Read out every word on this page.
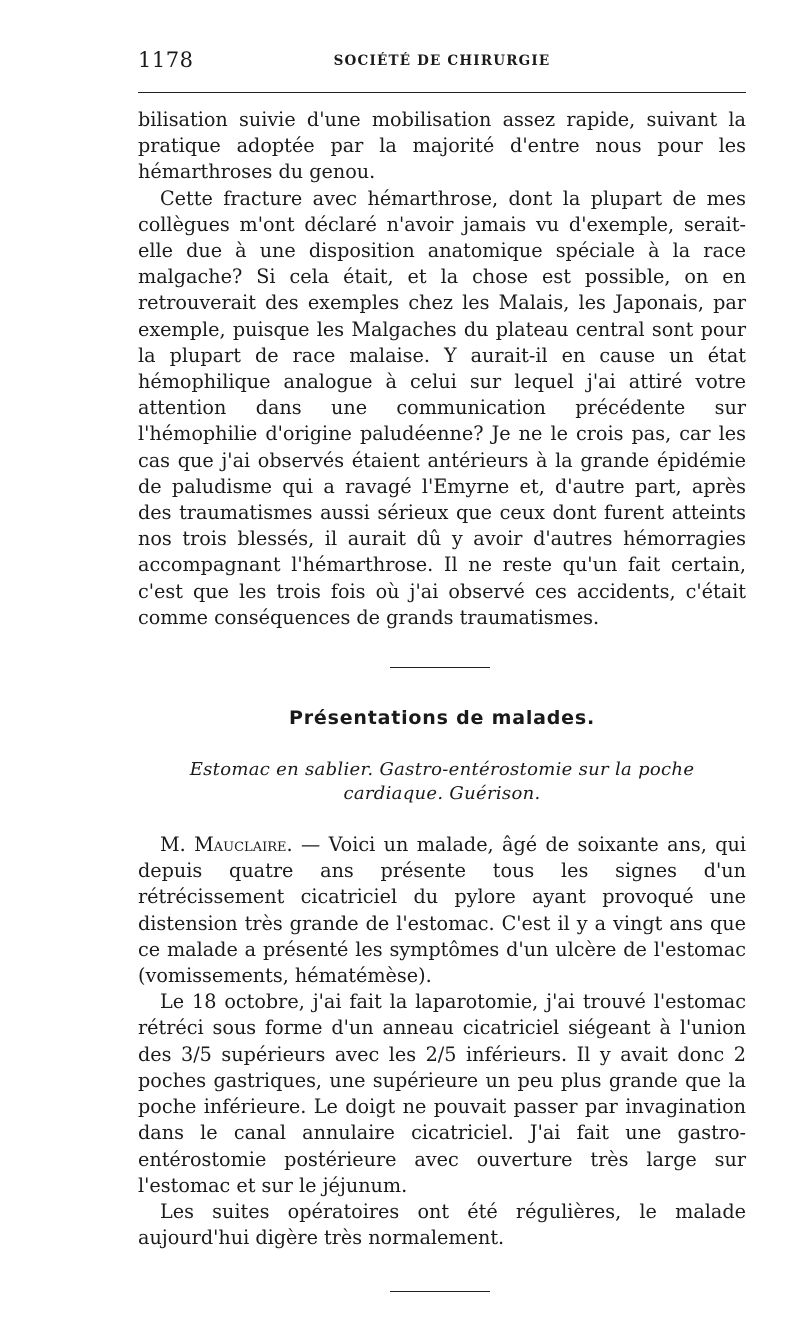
1178	SOCIÉTÉ DE CHIRURGIE

bilisation suivie d'une mobilisation assez rapide, suivant la pratique adoptée par la majorité d'entre nous pour les hémarthroses du genou.

Cette fracture avec hémarthrose, dont la plupart de mes collègues m'ont déclaré n'avoir jamais vu d'exemple, serait-elle due à une disposition anatomique spéciale à la race malgache? Si cela était, et la chose est possible, on en retrouverait des exemples chez les Malais, les Japonais, par exemple, puisque les Malgaches du plateau central sont pour la plupart de race malaise. Y aurait-il en cause un état hémophilique analogue à celui sur lequel j'ai attiré votre attention dans une communication précédente sur l'hémophilie d'origine paludéenne? Je ne le crois pas, car les cas que j'ai observés étaient antérieurs à la grande épidémie de paludisme qui a ravagé l'Emyrne et, d'autre part, après des traumatismes aussi sérieux que ceux dont furent atteints nos trois blessés, il aurait dû y avoir d'autres hémorragies accompagnant l'hémarthrose. Il ne reste qu'un fait certain, c'est que les trois fois où j'ai observé ces accidents, c'était comme conséquences de grands traumatismes.

Présentations de malades.
Estomac en sablier. Gastro-entérostomie sur la poche cardiaque. Guérison.

M. Mauclaire. — Voici un malade, âgé de soixante ans, qui depuis quatre ans présente tous les signes d'un rétrécissement cicatriciel du pylore ayant provoqué une distension très grande de l'estomac. C'est il y a vingt ans que ce malade a présenté les symptômes d'un ulcère de l'estomac (vomissements, hématémèse).

Le 18 octobre, j'ai fait la laparotomie, j'ai trouvé l'estomac rétréci sous forme d'un anneau cicatriciel siégeant à l'union des 3/5 supérieurs avec les 2/5 inférieurs. Il y avait donc 2 poches gastriques, une supérieure un peu plus grande que la poche inférieure. Le doigt ne pouvait passer par invagination dans le canal annulaire cicatriciel. J'ai fait une gastro-entérostomie postérieure avec ouverture très large sur l'estomac et sur le jéjunum.

Les suites opératoires ont été régulières, le malade aujourd'hui digère très normalement.
